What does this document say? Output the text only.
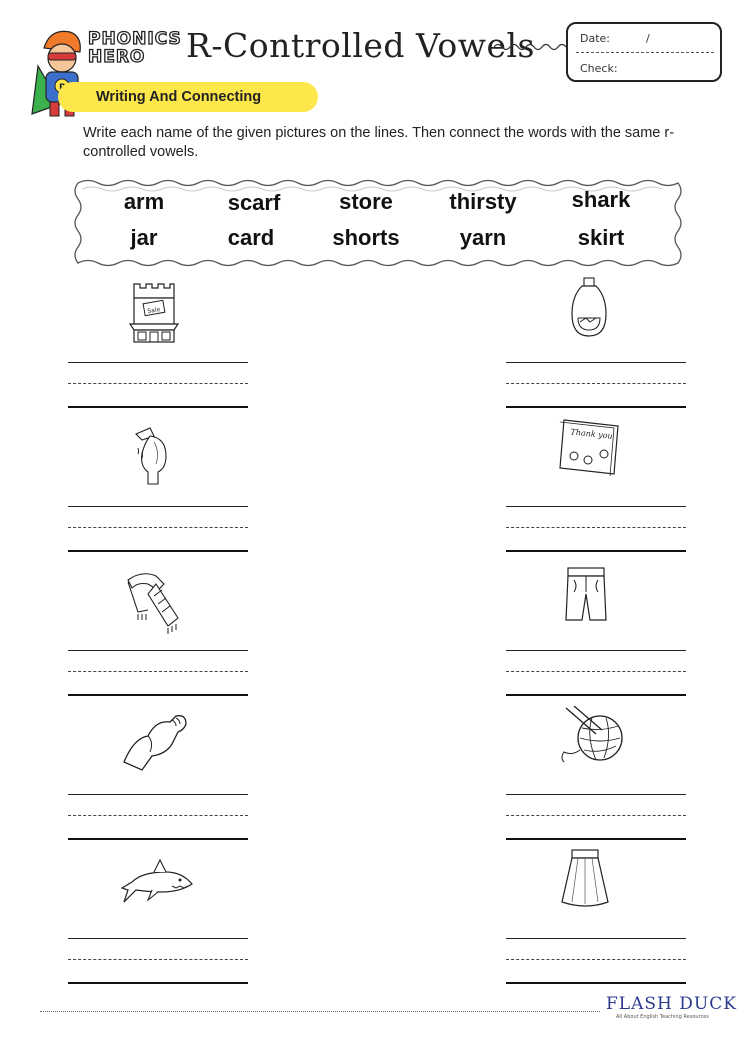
PHONICS
HERO	R-Controlled Vowels	Date:	/
Check:
Writing And Connecting
Write each name of the given pictures on the lines. Then connect the words with the same r-controlled vowels.
arm	scarf	store	thirsty	shark
jar	card	shorts	yarn	skirt
Sale
Thank you
FLASH DUCK
All About English Teaching Resources
